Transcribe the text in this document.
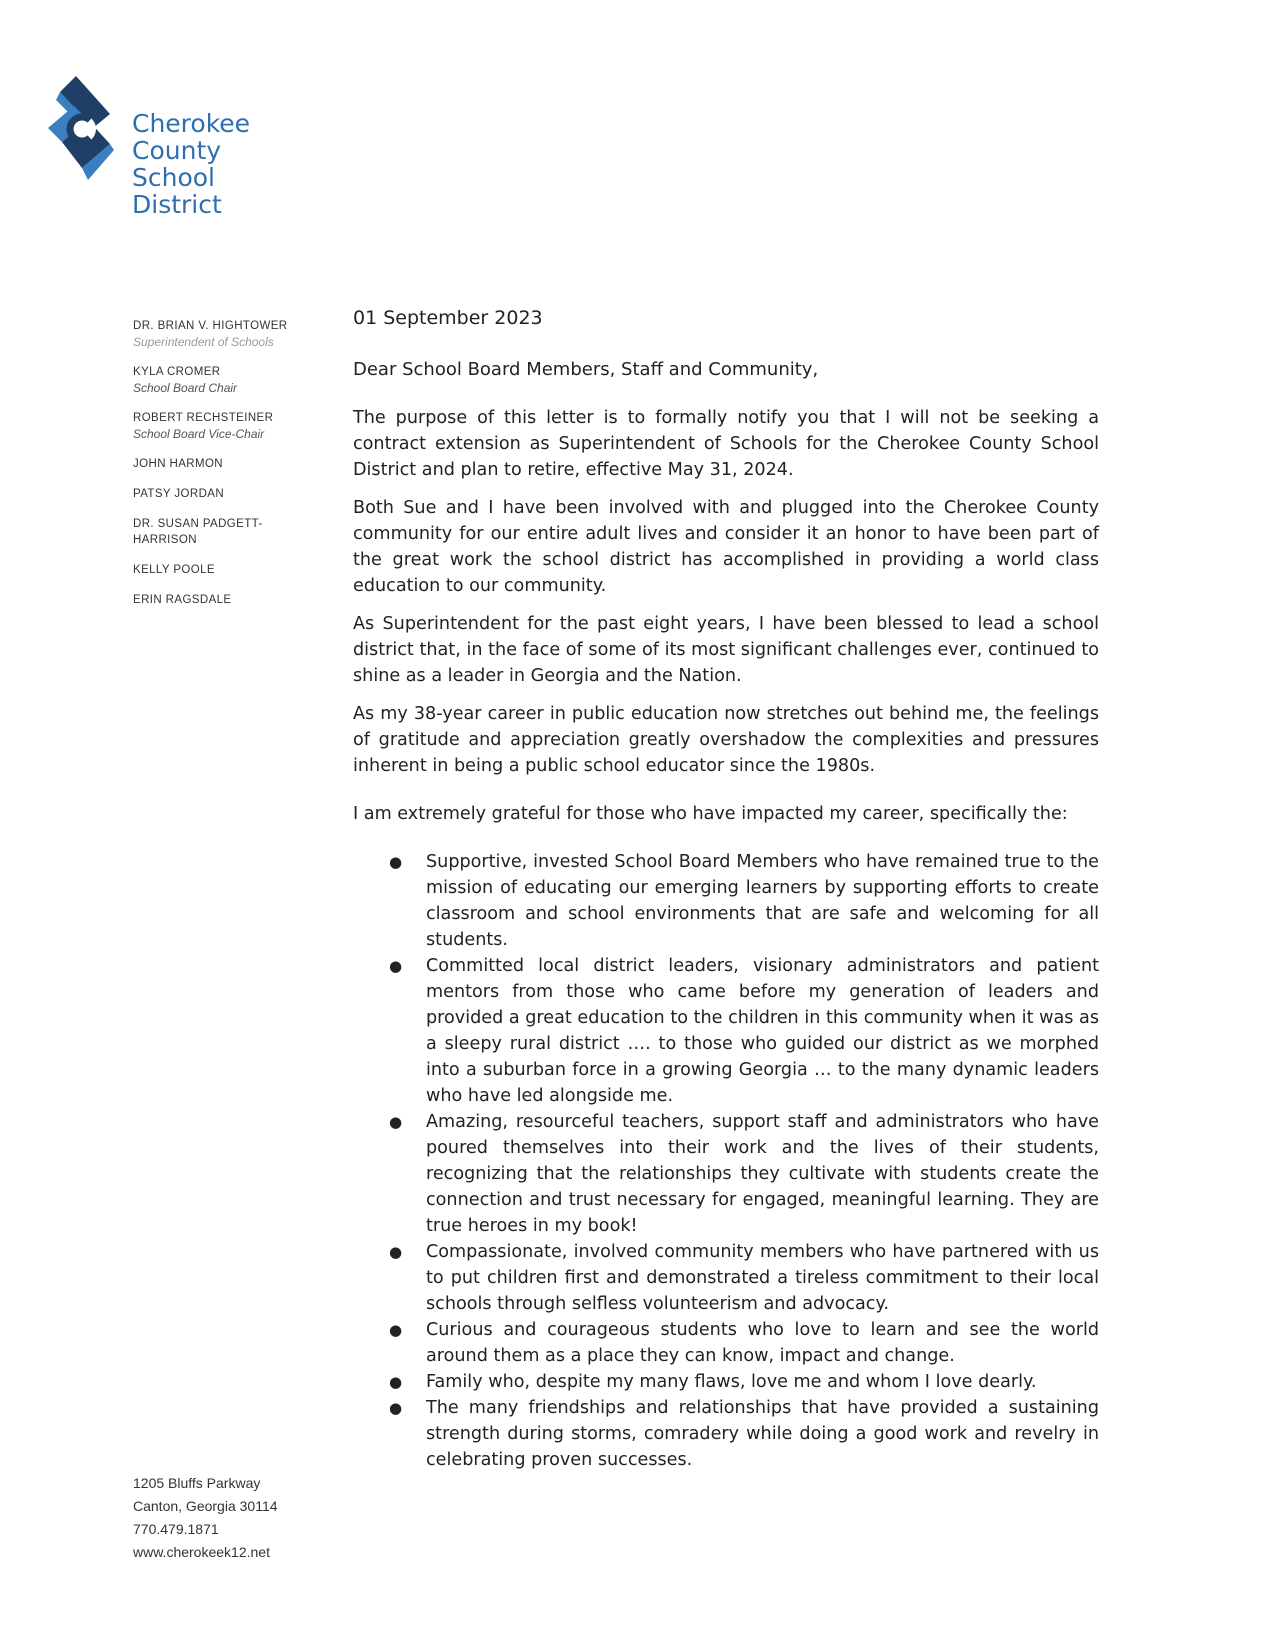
Cherokee
County
School
District
DR. BRIAN V. HIGHTOWER
Superintendent of Schools
KYLA CROMER
School Board Chair
ROBERT RECHSTEINER
School Board Vice-Chair
JOHN HARMON
PATSY JORDAN
DR. SUSAN PADGETT-HARRISON
KELLY POOLE
ERIN RAGSDALE
1205 Bluffs Parkway
Canton, Georgia 30114
770.479.1871
www.cherokeek12.net
01 September 2023
Dear School Board Members, Staff and Community,

The purpose of this letter is to formally notify you that I will not be seeking a contract extension as Superintendent of Schools for the Cherokee County School District and plan to retire, effective May 31, 2024.

Both Sue and I have been involved with and plugged into the Cherokee County community for our entire adult lives and consider it an honor to have been part of the great work the school district has accomplished in providing a world class education to our community.

As Superintendent for the past eight years, I have been blessed to lead a school district that, in the face of some of its most significant challenges ever, continued to shine as a leader in Georgia and the Nation.

As my 38-year career in public education now stretches out behind me, the feelings of gratitude and appreciation greatly overshadow the complexities and pressures inherent in being a public school educator since the 1980s.

I am extremely grateful for those who have impacted my career, specifically the:

● Supportive, invested School Board Members who have remained true to the mission of educating our emerging learners by supporting efforts to create classroom and school environments that are safe and welcoming for all students.
● Committed local district leaders, visionary administrators and patient mentors from those who came before my generation of leaders and provided a great education to the children in this community when it was as a sleepy rural district …. to those who guided our district as we morphed into a suburban force in a growing Georgia … to the many dynamic leaders who have led alongside me.
● Amazing, resourceful teachers, support staff and administrators who have poured themselves into their work and the lives of their students, recognizing that the relationships they cultivate with students create the connection and trust necessary for engaged, meaningful learning. They are true heroes in my book!
● Compassionate, involved community members who have partnered with us to put children first and demonstrated a tireless commitment to their local schools through selfless volunteerism and advocacy.
● Curious and courageous students who love to learn and see the world around them as a place they can know, impact and change.
● Family who, despite my many flaws, love me and whom I love dearly.
● The many friendships and relationships that have provided a sustaining strength during storms, comradery while doing a good work and revelry in celebrating proven successes.
